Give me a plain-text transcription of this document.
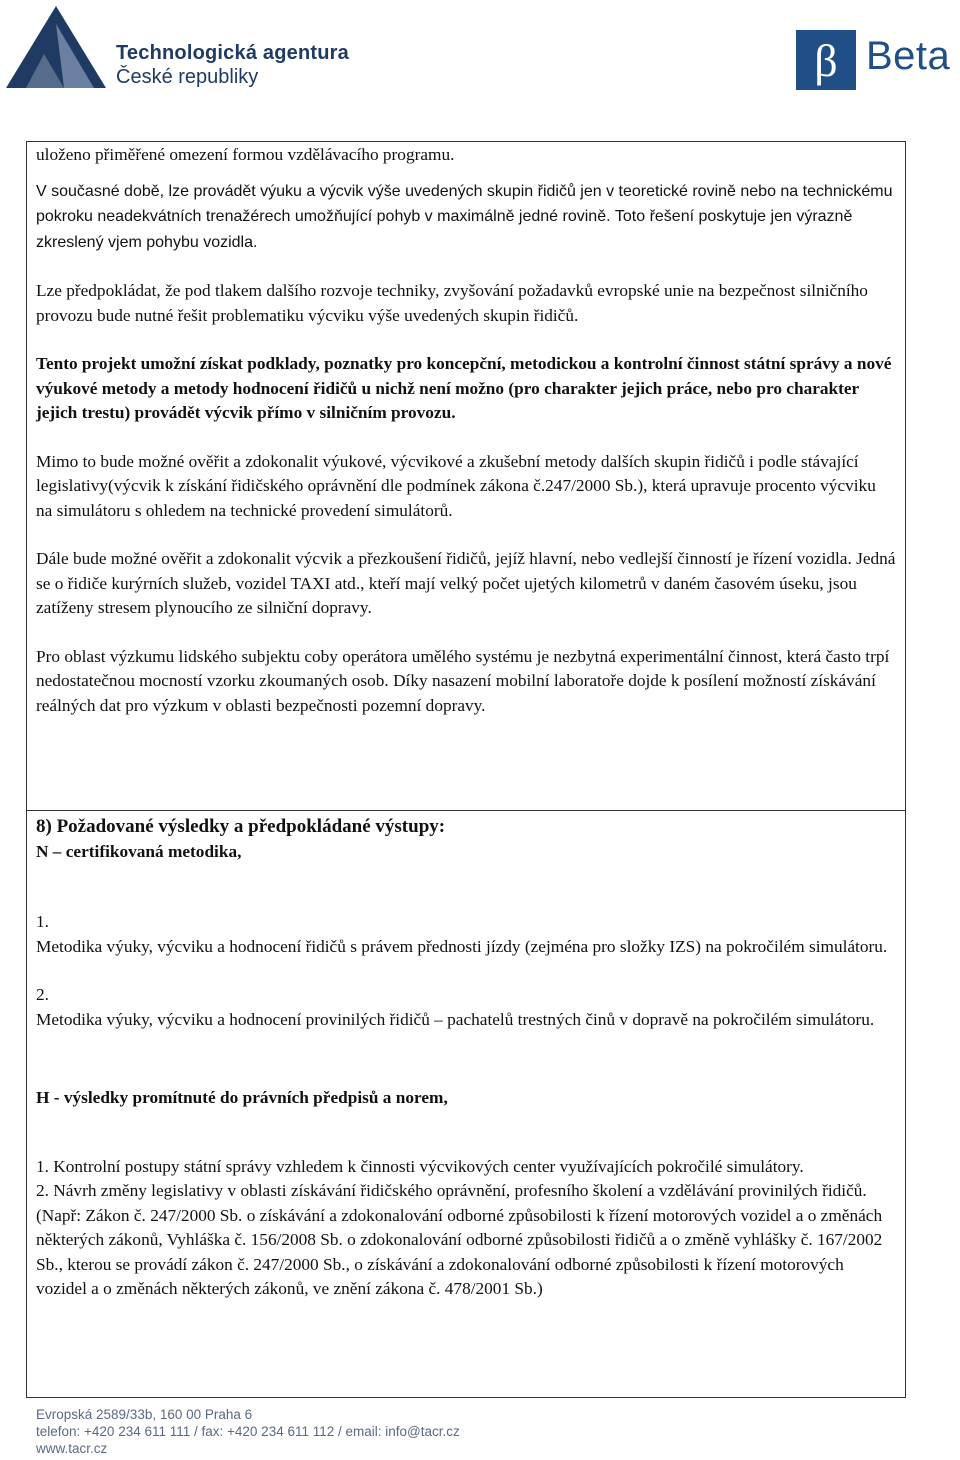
Technologická agentura
České republiky	β Beta

uloženo přiměřené omezení formou vzdělávacího programu.

V současné době, lze provádět výuku a výcvik výše uvedených skupin řidičů jen v teoretické rovině nebo na technickému pokroku neadekvátních trenažérech umožňující pohyb v maximálně jedné rovině. Toto řešení poskytuje jen výrazně zkreslený vjem pohybu vozidla.

Lze předpokládat, že pod tlakem dalšího rozvoje techniky, zvyšování požadavků evropské unie na bezpečnost silničního provozu bude nutné řešit problematiku výcviku výše uvedených skupin řidičů.

Tento projekt umožní získat podklady, poznatky pro koncepční, metodickou a kontrolní činnost státní správy a nové výukové metody a metody hodnocení řidičů u nichž není možno (pro charakter jejich práce, nebo pro charakter jejich trestu) provádět výcvik přímo v silničním provozu.

Mimo to bude možné ověřit a zdokonalit výukové, výcvikové a zkušební metody dalších skupin řidičů i podle stávající legislativy(výcvik k získání řidičského oprávnění dle podmínek zákona č.247/2000 Sb.), která upravuje procento výcviku na simulátoru s ohledem na technické provedení simulátorů.

Dále bude možné ověřit a zdokonalit výcvik a přezkoušení řidičů, jejíž hlavní, nebo vedlejší činností je řízení vozidla. Jedná se o řidiče kurýrních služeb, vozidel TAXI atd., kteří mají velký počet ujetých kilometrů v daném časovém úseku, jsou zatíženy stresem plynoucího ze silniční dopravy.

Pro oblast výzkumu lidského subjektu coby operátora umělého systému je nezbytná experimentální činnost, která často trpí nedostatečnou mocností vzorku zkoumaných osob. Díky nasazení mobilní laboratoře dojde k posílení možností získávání reálných dat pro výzkum v oblasti bezpečnosti pozemní dopravy.

8) Požadované výsledky a předpokládané výstupy:

N – certifikovaná metodika,

1.

Metodika výuky, výcviku a hodnocení řidičů s právem přednosti jízdy (zejména pro složky IZS) na pokročilém simulátoru.

2.

Metodika výuky, výcviku a hodnocení provinilých řidičů – pachatelů trestných činů v dopravě na pokročilém simulátoru.

H - výsledky promítnuté do právních předpisů a norem,

1. Kontrolní postupy státní správy vzhledem k činnosti výcvikových center využívajících pokročilé simulátory.

2. Návrh změny legislativy v oblasti získávání řidičského oprávnění, profesního školení a vzdělávání provinilých řidičů. (Např: Zákon č. 247/2000 Sb. o získávání a zdokonalování odborné způsobilosti k řízení motorových vozidel a o změnách některých zákonů, Vyhláška č. 156/2008 Sb. o zdokonalování odborné způsobilosti řidičů a o změně vyhlášky č. 167/2002 Sb., kterou se provádí zákon č. 247/2000 Sb., o získávání a zdokonalování odborné způsobilosti k řízení motorových vozidel a o změnách některých zákonů, ve znění zákona č. 478/2001 Sb.)

Evropská 2589/33b, 160 00 Praha 6
telefon: +420 234 611 111 / fax: +420 234 611 112 / email: info@tacr.cz
www.tacr.cz
